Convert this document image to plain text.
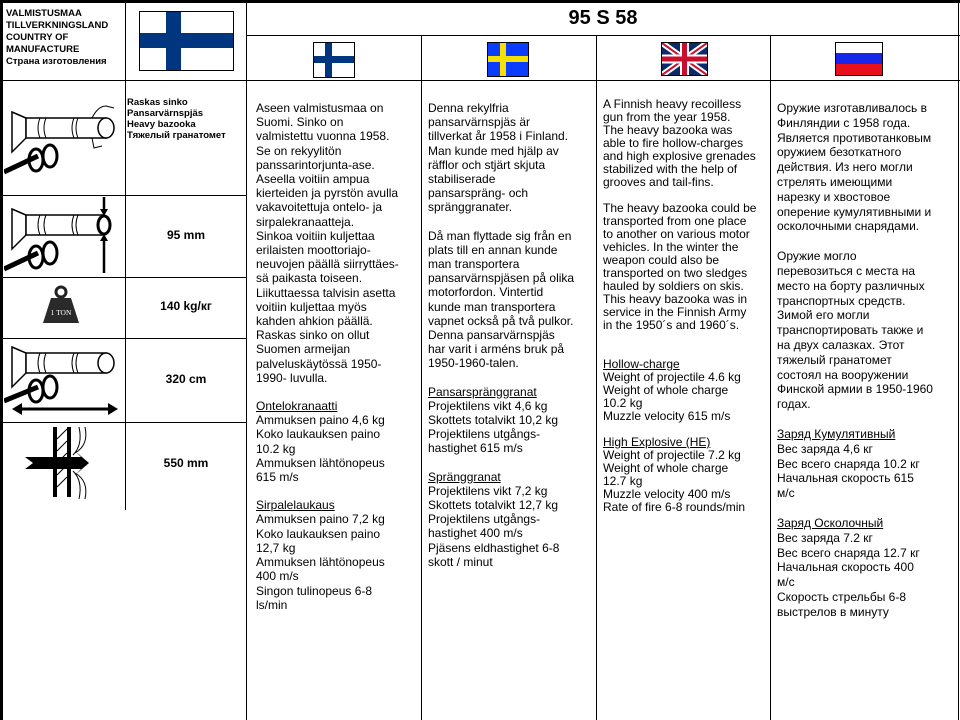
VALMISTUSMAA
TILLVERKNINGSLAND
COUNTRY OF
MANUFACTURE
Страна изготовления
95 S 58
Raskas sinko
Pansarvärnspjäs
Heavy bazooka
Тяжелый гранатомет
95 mm
1 TON	140 kg/кг
320 cm
550 mm

Aseen valmistusmaa on
Suomi. Sinko on
valmistettu vuonna 1958.
Se on rekyylitön
panssarintorjunta-ase.
Aseella voitiin ampua
kierteiden ja pyrstön avulla
vakavoitettuja ontelo- ja
sirpalekranaatteja.
Sinkoa voitiin kuljettaa
erilaisten moottoriajo-
neuvojen päällä siirryttäes-
sä paikasta toiseen.
Liikuttaessa talvisin asetta
voitiin kuljettaa myös
kahden ahkion päällä.
Raskas sinko on ollut
Suomen armeijan
palveluskäytössä 1950-
1990- luvulla.

Ontelokranaatti
Ammuksen paino 4,6 kg
Koko laukauksen paino
10.2 kg
Ammuksen lähtönopeus
615 m/s

Sirpalelaukaus
Ammuksen paino 7,2 kg
Koko laukauksen paino
12,7 kg
Ammuksen lähtönopeus
400 m/s
Singon tulinopeus 6-8
ls/min

Denna rekylfria
pansarvärnspjäs är
tillverkat år 1958 i Finland.
Man kunde med hjälp av
räfflor och stjärt skjuta
stabiliserade
pansarspräng- och
spränggranater.

Då man flyttade sig från en
plats till en annan kunde
man transportera
pansarvärnspjäsen på olika
motorfordon. Vintertid
kunde man transportera
vapnet också på två pulkor.
Denna pansarvärnspjäs
har varit i arméns bruk på
1950-1960-talen.

Pansarspränggranat
Projektilens vikt 4,6 kg
Skottets totalvikt 10,2 kg
Projektilens utgångs-
hastighet 615 m/s

Spränggranat
Projektilens vikt 7,2 kg
Skottets totalvikt 12,7 kg
Projektilens utgångs-
hastighet 400 m/s
Pjäsens eldhastighet 6-8
skott / minut

A Finnish heavy recoilless
gun from the year 1958.
The heavy bazooka was
able to fire hollow-charges
and high explosive grenades
stabilized with the help of
grooves and tail-fins.

The heavy bazooka could be
transported from one place
to another on various motor
vehicles. In the winter the
weapon could also be
transported on two sledges
hauled by soldiers on skis.
This heavy bazooka was in
service in the Finnish Army
in the 1950´s and 1960´s.

Hollow-charge
Weight of projectile 4.6 kg
Weight of whole charge
10.2 kg
Muzzle velocity 615 m/s

High Explosive (HE)
Weight of projectile 7.2 kg
Weight of whole charge
12.7 kg
Muzzle velocity 400 m/s
Rate of fire 6-8 rounds/min

Оружие изготавливалось в
Финляндии с 1958 года.
Является противотанковым
оружием безоткатного
действия. Из него могли
стрелять имеющими
нарезку и хвостовое
оперение кумулятивными и
осколочными снарядами.

Оружие могло
перевозиться с места на
место на борту различных
транспортных средств.
Зимой его могли
транспортировать также и
на двух салазках. Этот
тяжелый гранатомет
состоял на вооружении
Финской армии в 1950-1960
годах.

Заряд Кумулятивный
Вес заряда 4,6 кг
Вес всего снаряда 10.2 кг
Начальная скорость 615
м/с

Заряд Осколочный
Вес заряда 7.2 кг
Вес всего снаряда 12.7 кг
Начальная скорость 400
м/с
Скорость стрельбы 6-8
выстрелов в минуту
